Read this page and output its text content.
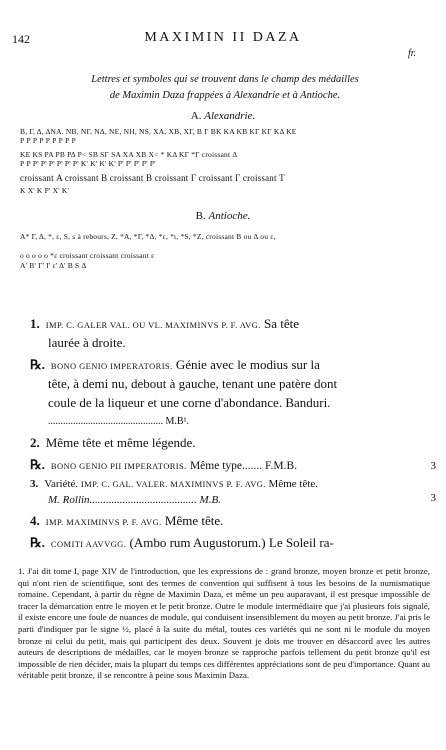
142	MAXIMIN II DAZA
fr.
Lettres et symboles qui se trouvent dans le champ des médailles
de Maximin Daza frappées à Alexandrie et à Antioche.
A. Alexandrie.
Β, Γ, Δ, ΔΝΑ. ΝΒ, ΝΓ, ΝΔ, ΝΕ, ΝΗ, ΝS, ΧΑ, ΧΒ, ΧΓ, Β Γ ΒΚ ΚΑ ΚΒ ΚΓ ΚΓ ΚΔ ΚΕ
Ρ Ρ Ρ Ρ Ρ Ρ Ρ Ρ Ρ
ΚΕ ΚS ΡΑ ΡΒ ΡΔ Ρ< SΒ SΓ SΑ ΧΑ ΧΒ Χ< * ΚΔ ΚΓ *Γ croissant Δ
Ρ Ρ Ρ' Ρ' Ρ' Ρ' Ρ' Ρ' Κ' Κ' Κ' Κ' Ρ' Ρ' Ρ' Ρ' Ρ'
croissant Α croissant Β croissant Β croissant Γ croissant Γ croissant Τ
Κ Χ' Κ Ρ' Χ' Κ'
B. Antioche.
Α* Γ, Δ, *, ε, S, s à rebours, Ζ, *Α, *Γ, *Δ, *ε, *ι, *S, *Ζ, croissant Β ou Δ ou ε,
ο ο ο ο ο *ε croissant croissant croissant ε
Α' Β' Γ' Ι' ε' Δ' Β S Δ
1. IMP. C. GALER VAL. OU VL. MAXIMINVS P. F. AVG. Sa tête
laurée à droite.
℞. BONO GENIO IMPERATORIS. Génie avec le modius sur la
tête, à demi nu, debout à gauche, tenant une patère dont
coule de la liqueur et une corne d'abondance. Banduri.
.............................................. M.B¹.
2. Même tête et même légende.
℞. BONO GENIO PII IMPERATORIS. Même type....... F.M.B.	3
3. Variété. IMP. C. GAL. VALER. MAXIMINVS P. F. AVG. Même tête.
M. Rollin....................................... M.B.	3
4. IMP. MAXIMINVS P. F. AVG. Même tête.
℞. COMITI AAVVGG. (Ambo rum Augustorum.) Le Soleil ra-
1. J'ai dit tome I, page XIV de l'introduction, que les expressions de : grand bronze, moyen bronze et petit bronze, qui n'ont rien de scientifique, sont des termes de convention qui suffisent à tous les besoins de la numismatique romaine. Cependant, à partir du règne de Maximin Daza, et même un peu auparavant, il est presque impossible de tracer la démarcation entre le moyen et le petit bronze. Outre le module intermédiaire que j'ai plusieurs fois signalé, il existe encore une foule de nuances de module, qui conduisent insensiblement du moyen au petit bronze. J'ai pris le parti d'indiquer par le signe ½, placé à la suite du métal, toutes ces variétés qui ne sont ni le module du moyen bronze ni celui du petit, mais qui participent des deux. Souvent je dois me trouver en désaccord avec les autres auteurs de descriptions de médailles, car le moyen bronze se rapproche parfois tellement du petit bronze qu'il est impossible de rien décider, mais la plupart du temps ces différentes appréciations sont de peu d'importance. Quant au véritable petit bronze, il se rencontre à peine sous Maximin Daza.
